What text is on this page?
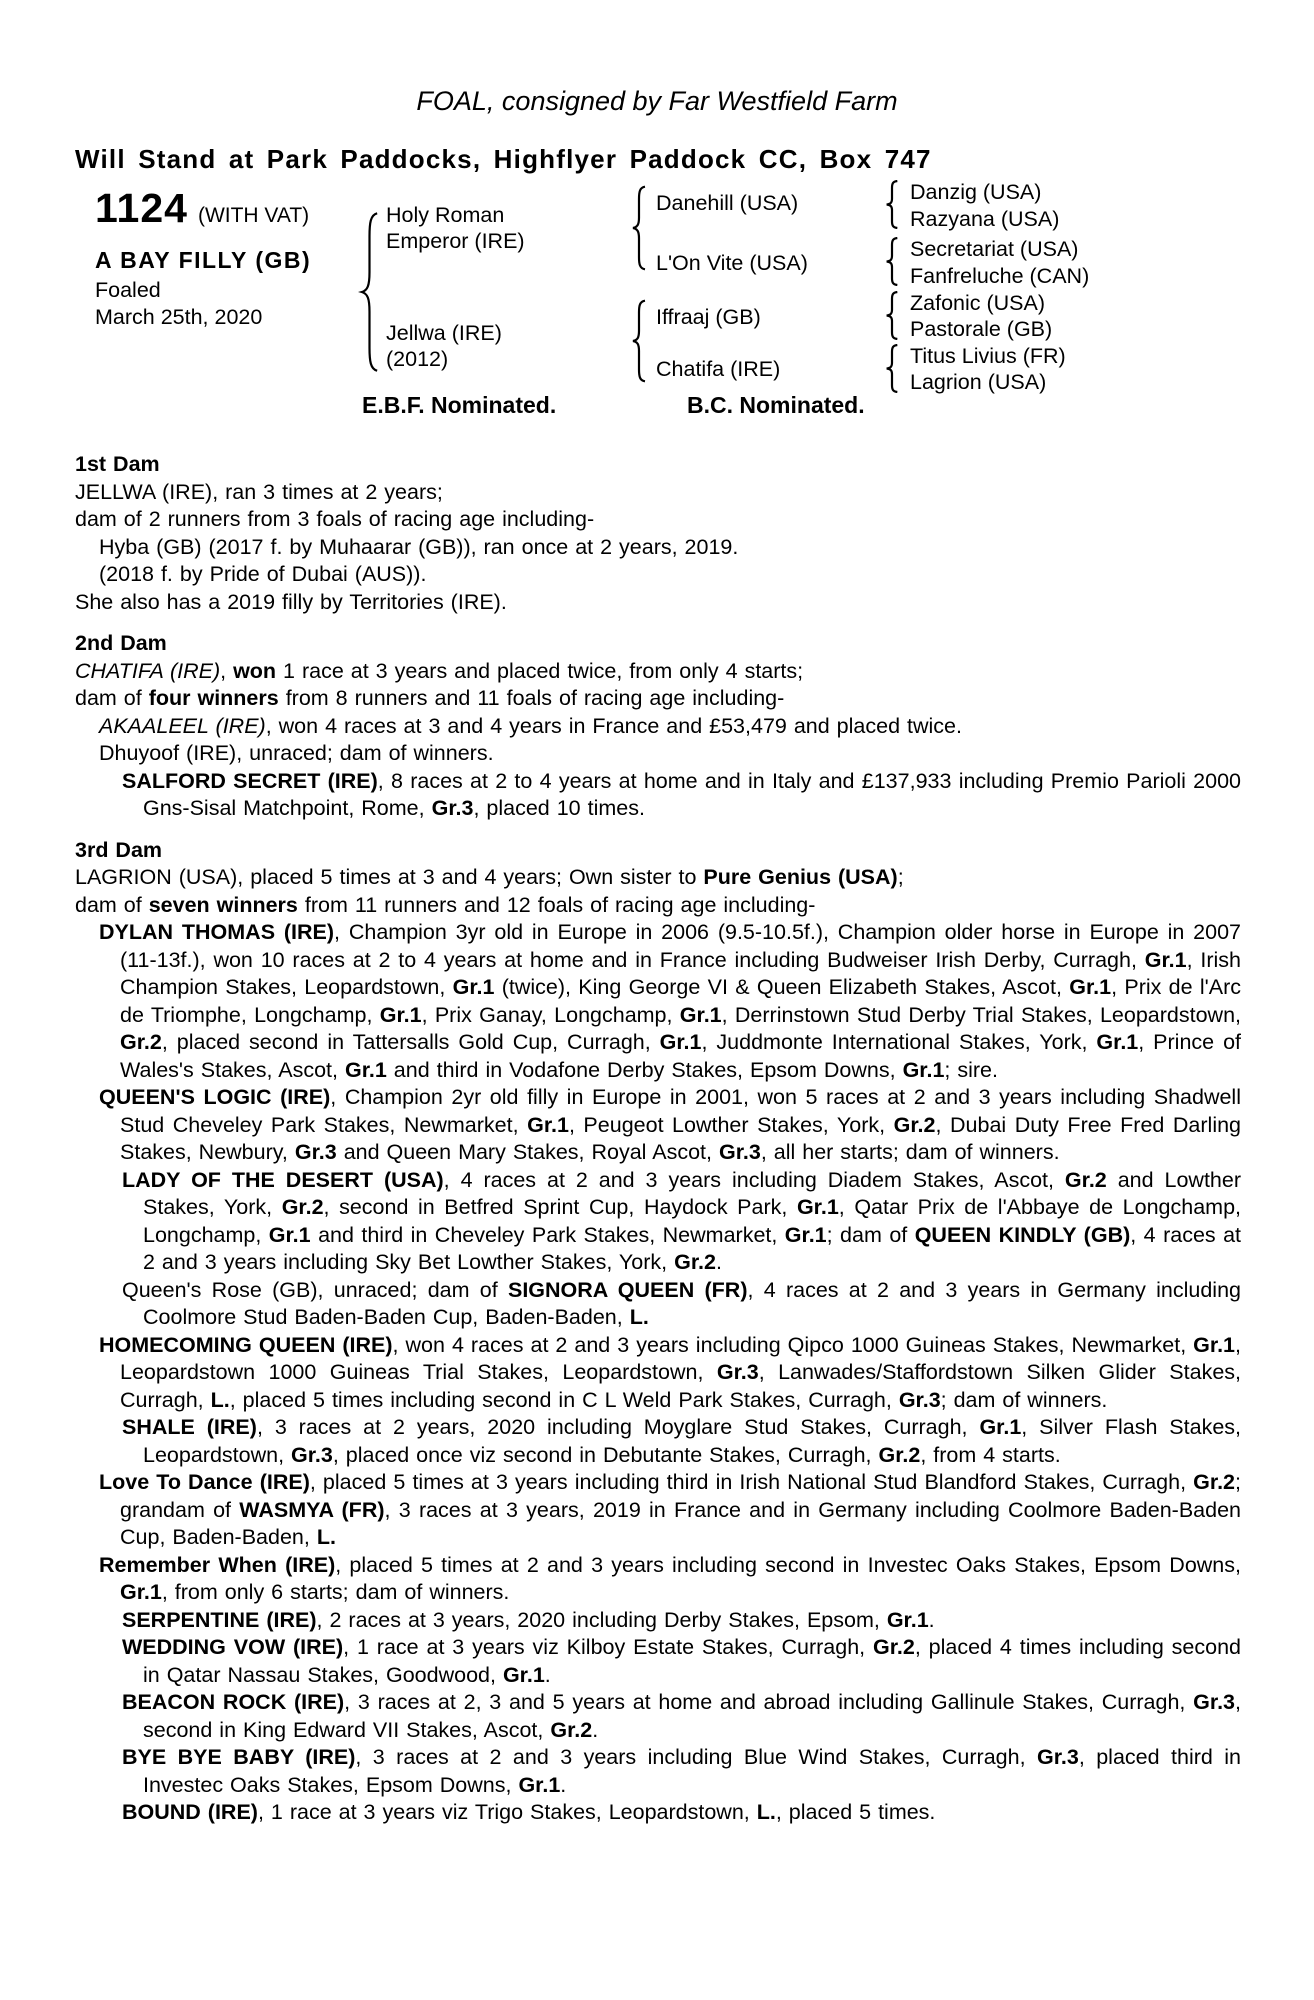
FOAL, consigned by Far Westfield Farm
Will Stand at Park Paddocks, Highflyer Paddock CC, Box 747
1124 (WITH VAT)
A BAY FILLY (GB)
Foaled
March 25th, 2020
Holy Roman
Emperor (IRE)
Jellwa (IRE)
(2012)
Danehill (USA)
L'On Vite (USA)
Iffraaj (GB)
Chatifa (IRE)
Danzig (USA)
Razyana (USA)
Secretariat (USA)
Fanfreluche (CAN)
Zafonic (USA)
Pastorale (GB)
Titus Livius (FR)
Lagrion (USA)
E.B.F. Nominated.	B.C. Nominated.
1st Dam

JELLWA (IRE), ran 3 times at 2 years;

dam of 2 runners from 3 foals of racing age including-

Hyba (GB) (2017 f. by Muhaarar (GB)), ran once at 2 years, 2019.

(2018 f. by Pride of Dubai (AUS)).

She also has a 2019 filly by Territories (IRE).

2nd Dam

CHATIFA (IRE), won 1 race at 3 years and placed twice, from only 4 starts;

dam of four winners from 8 runners and 11 foals of racing age including-

AKAALEEL (IRE), won 4 races at 3 and 4 years in France and £53,479 and placed twice.

Dhuyoof (IRE), unraced; dam of winners.

SALFORD SECRET (IRE), 8 races at 2 to 4 years at home and in Italy and £137,933 including Premio Parioli 2000 Gns-Sisal Matchpoint, Rome, Gr.3, placed 10 times.

3rd Dam

LAGRION (USA), placed 5 times at 3 and 4 years; Own sister to Pure Genius (USA);

dam of seven winners from 11 runners and 12 foals of racing age including-

DYLAN THOMAS (IRE), Champion 3yr old in Europe in 2006 (9.5-10.5f.), Champion older horse in Europe in 2007 (11-13f.), won 10 races at 2 to 4 years at home and in France including Budweiser Irish Derby, Curragh, Gr.1, Irish Champion Stakes, Leopardstown, Gr.1 (twice), King George VI & Queen Elizabeth Stakes, Ascot, Gr.1, Prix de l'Arc de Triomphe, Longchamp, Gr.1, Prix Ganay, Longchamp, Gr.1, Derrinstown Stud Derby Trial Stakes, Leopardstown, Gr.2, placed second in Tattersalls Gold Cup, Curragh, Gr.1, Juddmonte International Stakes, York, Gr.1, Prince of Wales's Stakes, Ascot, Gr.1 and third in Vodafone Derby Stakes, Epsom Downs, Gr.1; sire.

QUEEN'S LOGIC (IRE), Champion 2yr old filly in Europe in 2001, won 5 races at 2 and 3 years including Shadwell Stud Cheveley Park Stakes, Newmarket, Gr.1, Peugeot Lowther Stakes, York, Gr.2, Dubai Duty Free Fred Darling Stakes, Newbury, Gr.3 and Queen Mary Stakes, Royal Ascot, Gr.3, all her starts; dam of winners.

LADY OF THE DESERT (USA), 4 races at 2 and 3 years including Diadem Stakes, Ascot, Gr.2 and Lowther Stakes, York, Gr.2, second in Betfred Sprint Cup, Haydock Park, Gr.1, Qatar Prix de l'Abbaye de Longchamp, Longchamp, Gr.1 and third in Cheveley Park Stakes, Newmarket, Gr.1; dam of QUEEN KINDLY (GB), 4 races at 2 and 3 years including Sky Bet Lowther Stakes, York, Gr.2.

Queen's Rose (GB), unraced; dam of SIGNORA QUEEN (FR), 4 races at 2 and 3 years in Germany including Coolmore Stud Baden-Baden Cup, Baden-Baden, L.

HOMECOMING QUEEN (IRE), won 4 races at 2 and 3 years including Qipco 1000 Guineas Stakes, Newmarket, Gr.1, Leopardstown 1000 Guineas Trial Stakes, Leopardstown, Gr.3, Lanwades/Staffordstown Silken Glider Stakes, Curragh, L., placed 5 times including second in C L Weld Park Stakes, Curragh, Gr.3; dam of winners.

SHALE (IRE), 3 races at 2 years, 2020 including Moyglare Stud Stakes, Curragh, Gr.1, Silver Flash Stakes, Leopardstown, Gr.3, placed once viz second in Debutante Stakes, Curragh, Gr.2, from 4 starts.

Love To Dance (IRE), placed 5 times at 3 years including third in Irish National Stud Blandford Stakes, Curragh, Gr.2; grandam of WASMYA (FR), 3 races at 3 years, 2019 in France and in Germany including Coolmore Baden-Baden Cup, Baden-Baden, L.

Remember When (IRE), placed 5 times at 2 and 3 years including second in Investec Oaks Stakes, Epsom Downs, Gr.1, from only 6 starts; dam of winners.

SERPENTINE (IRE), 2 races at 3 years, 2020 including Derby Stakes, Epsom, Gr.1.

WEDDING VOW (IRE), 1 race at 3 years viz Kilboy Estate Stakes, Curragh, Gr.2, placed 4 times including second in Qatar Nassau Stakes, Goodwood, Gr.1.

BEACON ROCK (IRE), 3 races at 2, 3 and 5 years at home and abroad including Gallinule Stakes, Curragh, Gr.3, second in King Edward VII Stakes, Ascot, Gr.2.

BYE BYE BABY (IRE), 3 races at 2 and 3 years including Blue Wind Stakes, Curragh, Gr.3, placed third in Investec Oaks Stakes, Epsom Downs, Gr.1.

BOUND (IRE), 1 race at 3 years viz Trigo Stakes, Leopardstown, L., placed 5 times.
